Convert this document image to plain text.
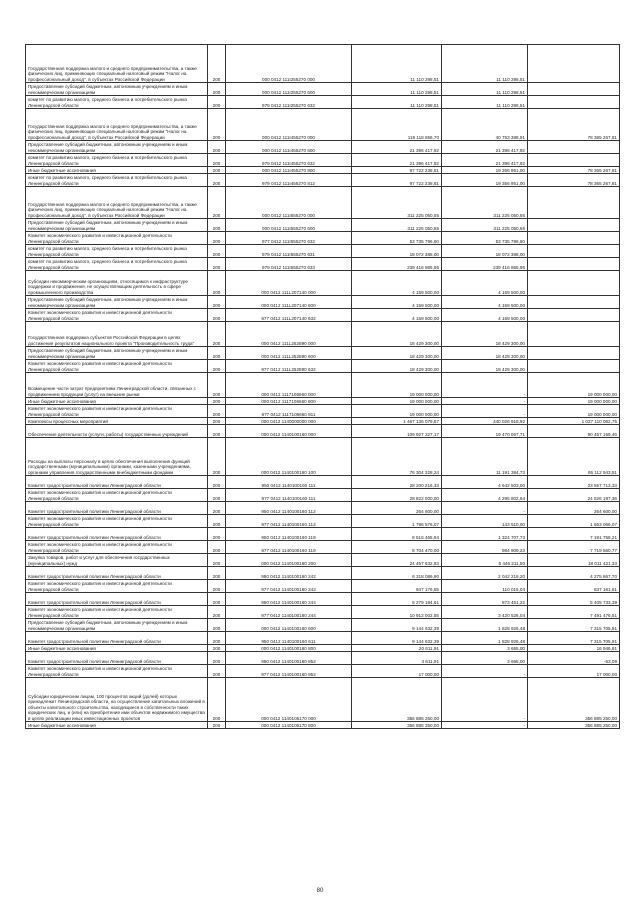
Государственная поддержка малого и среднего предпринимательства, а также физических лиц, применяющих специальный налоговый режим "Налог на профессиональный доход", в субъектах Российской Федерации	200	000 0412 111I255270 000	11 110 298,51	11 110 298,51	
Предоставление субсидий бюджетным, автономным учреждениям и иным некоммерческим организациям	200	000 0412 111I255270 600	11 110 298,51	11 110 298,51	
комитет по развитию малого, среднего бизнеса и потребительского рынка Ленинградской области	200	979 0412 111I255270 632	11 110 298,51	11 110 298,51	
Государственная поддержка малого и среднего предпринимательства, а также физических лиц, применяющих специальный налоговый режим "Налог на профессиональный доход", в субъектах Российской Федерации	200	000 0412 111I455270 000	119 118 656,70	40 753 388,91	78 365 267,81
Предоставление субсидий бюджетным, автономным учреждениям и иным некоммерческим организациям	200	000 0412 111I455270 600	21 396 417,92	21 396 417,92	
комитет по развитию малого, среднего бизнеса и потребительского рынка Ленинградской области	200	979 0412 111I455270 632	21 396 417,92	21 396 417,92	
Иные бюджетные ассигнования	200	000 0412 111I455270 800	97 722 238,81	19 356 951,00	78 365 267,81
комитет по развитию малого, среднего бизнеса и потребительского рынка Ленинградской области	200	979 0412 111I455270 812	97 722 238,81	19 356 951,00	78 365 267,81
Государственная поддержка малого и среднего предпринимательства, а также физических лиц, применяющих специальный налоговый режим "Налог на профессиональный доход", в субъектах Российской Федерации	200	000 0412 111I555270 000	311 225 050,55	311 225 050,55	
Предоставление субсидий бюджетным, автономным учреждениям и иным некоммерческим организациям	200	000 0412 111I555270 600	311 225 050,55	311 225 050,55	
Комитет экономического развития и инвестиционной деятельности Ленинградской области	200	977 0412 111I555270 632	53 735 796,60	53 735 796,60	
комитет по развитию малого, среднего бизнеса и потребительского рынка Ленинградской области	200	979 0412 111I555270 631	18 072 388,00	18 072 388,00	
комитет по развитию малого, среднего бизнеса и потребительского рынка Ленинградской области	200	979 0412 111I555270 633	239 416 865,95	239 416 865,95	
Субсидии некоммерческим организациям, относящимся к инфраструктуре поддержки и продвижения, не осуществляющим деятельность в сфере промышленного производства	200	000 0412 111L207140 000	4 159 500,00	4 159 500,00	
Предоставление субсидий бюджетным, автономным учреждениям и иным некоммерческим организациям	200	000 0412 111L207140 600	4 159 500,00	4 159 500,00	
Комитет экономического развития и инвестиционной деятельности Ленинградской области	200	977 0412 111L207140 632	4 159 500,00	4 159 500,00	
Государственная поддержка субъектов Российской Федерации в целях достижения результатов национального проекта "Производительность труда"	200	000 0412 111L252890 000	18 429 300,00	18 429 300,00	
Предоставление субсидий бюджетным, автономным учреждениям и иным некоммерческим организациям	200	000 0412 111L252890 600	18 429 300,00	18 429 300,00	
Комитет экономического развития и инвестиционной деятельности Ленинградской области	200	977 0412 111L252890 632	18 429 300,00	18 429 300,00	
Возмещение части затрат предприятиям Ленинградской области, связанных с продвижением продукции (услуг) на внешние рынки	200	000 0412 1117106660 000	19 000 000,00	-	19 000 000,00
Иные бюджетные ассигнования	200	000 0412 1117106660 800	19 000 000,00	-	19 000 000,00
Комитет экономического развития и инвестиционной деятельности Ленинградской области	200	977 0412 1117106660 811	19 000 000,00	-	19 000 000,00
Комплексы процессных мероприятий	200	000 0412 1140000000 000	1 467 136 079,67	440 026 918,92	1 027 110 062,75
Обеспечение деятельности (услуги, работы) государственных учреждений	200	000 0412 1140100160 000	109 927 227,17	19 470 067,71	90 457 159,46
Расходы на выплаты персоналу в целях обеспечения выполнения функций государственными (муниципальными) органами, казенными учреждениями, органами управления государственными внебюджетными фондами	200	000 0412 1140100160 100	76 304 328,24	11 191 384,73	65 112 943,51
Комитет градостроительной политики Ленинградской области	200	950 0412 1140100160 111	28 200 216,33	4 642 503,00	23 557 713,33
Комитет экономического развития и инвестиционной деятельности Ленинградской области	200	977 0412 1140100160 111	28 822 000,00	4 295 802,64	24 526 197,36
Комитет градостроительной политики Ленинградской области	200	950 0412 1140100160 112	264 600,00	-	264 600,00
Комитет экономического развития и инвестиционной деятельности Ленинградской области	200	977 0412 1140100160 112	1 796 576,07	143 510,00	1 653 066,07
Комитет градостроительной политики Ленинградской области	200	950 0412 1140100160 119	8 516 465,94	1 324 707,73	7 191 758,21
Комитет экономического развития и инвестиционной деятельности Ленинградской области	200	977 0412 1140100160 119	8 704 470,00	984 909,23	7 719 560,77
Закупка товаров, работ и услуг для обеспечения государственных (муниципальных) нужд	200	000 0412 1140100160 200	24 457 632,83	6 446 211,50	18 011 421,33
Комитет градостроительной политики Ленинградской области	200	950 0412 1140100160 242	6 318 086,90	2 042 219,20	4 275 867,70
Комитет экономического развития и инвестиционной деятельности Ленинградской области	200	977 0412 1140100160 242	947 176,55	110 015,04	837 161,51
Комитет градостроительной политики Ленинградской области	200	950 0412 1140100160 244	6 279 184,61	873 451,22	5 405 733,39
Комитет экономического развития и инвестиционной деятельности Ленинградской области	200	977 0412 1140100160 244	10 912 002,55	3 420 526,04	7 491 476,51
Предоставление субсидий бюджетным, автономным учреждениям и иным некоммерческим организациям	200	000 0412 1140100160 600	9 144 632,39	1 828 926,48	7 315 705,91
Комитет градостроительной политики Ленинградской области	200	950 0412 1140100160 611	9 144 632,39	1 828 926,48	7 315 705,91
Иные бюджетные ассигнования	200	000 0412 1140100160 800	20 611,91	3 665,00	16 946,91
Комитет градостроительной политики Ленинградской области	200	950 0412 1140100160 852	3 611,91	3 665,00	-53,09
Комитет экономического развития и инвестиционной деятельности Ленинградской области	200	977 0412 1140100160 852	17 000,00	-	17 000,00
Субсидии юридическим лицам, 100 процентов акций (долей) которых принадлежит Ленинградской области, на осуществление капитальных вложений в объекты капитального строительства, находящиеся в собственности таких юридических лиц, и (или) на приобретение ими объектов недвижимого имущества в целях реализации иных инвестиционных проектов	200	000 0412 1140106170 000	356 885 250,00	-	356 885 250,00
Иные бюджетные ассигнования	200	000 0412 1140106170 800	356 885 250,00	-	356 885 250,00
80
